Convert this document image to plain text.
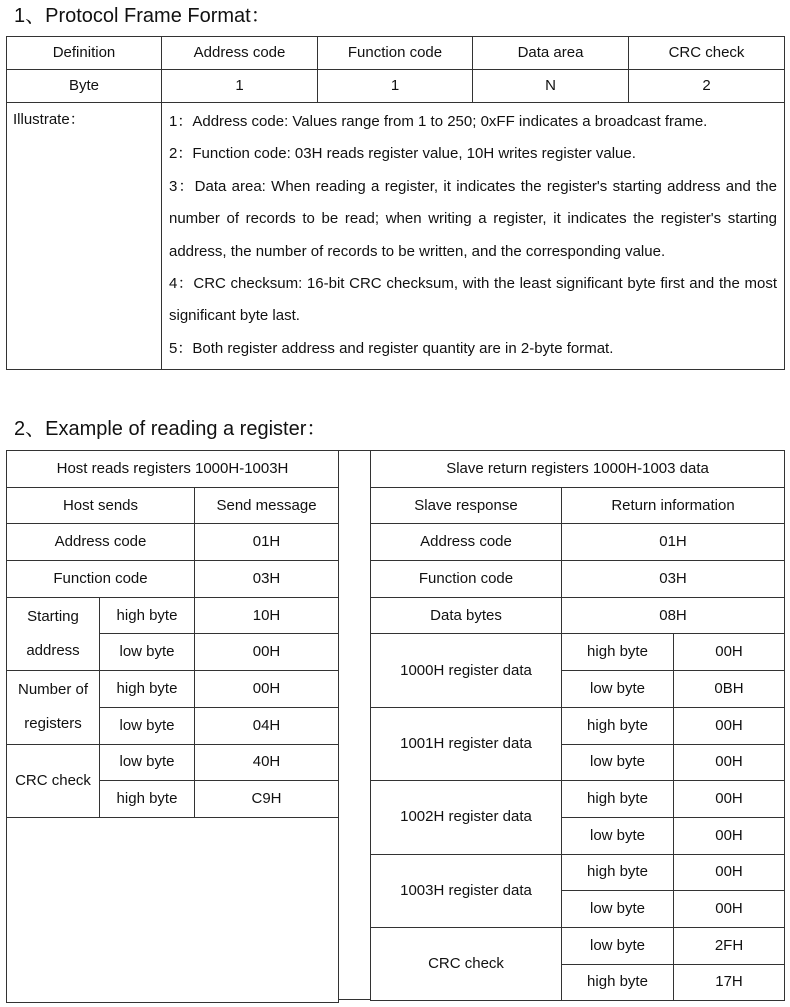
1、Protocol Frame Format：
Definition	Address code	Function code	Data area	CRC check
Byte	1	1	N	2
Illustrate：	1：Address code: Values range from 1 to 250; 0xFF indicates a broadcast frame.

2：Function code: 03H reads register value, 10H writes register value.

3：Data area: When reading a register, it indicates the register's starting address and the number of records to be read; when writing a register, it indicates the register's starting address, the number of records to be written, and the corresponding value.

4：CRC checksum: 16-bit CRC checksum, with the least significant byte first and the most significant byte last.

5：Both register address and register quantity are in 2-byte format.			

2、Example of reading a register：
Host reads registers 1000H-1003H		
Host sends		Send message
Address code		01H
Function code		03H
Starting
address	high byte	10H
	low byte	00H
Number of
registers	high byte	00H
	low byte	04H
CRC check	low byte	40H
	high byte	C9H

Slave return registers 1000H-1003 data		
Slave response	Return information	
Address code	01H	
Function code	03H	
Data bytes	08H	
1000H register data	high byte	00H
	low byte	0BH
1001H register data	high byte	00H
	low byte	00H
1002H register data	high byte	00H
	low byte	00H
1003H register data	high byte	00H
	low byte	00H
CRC check	low byte	2FH
	high byte	17H
